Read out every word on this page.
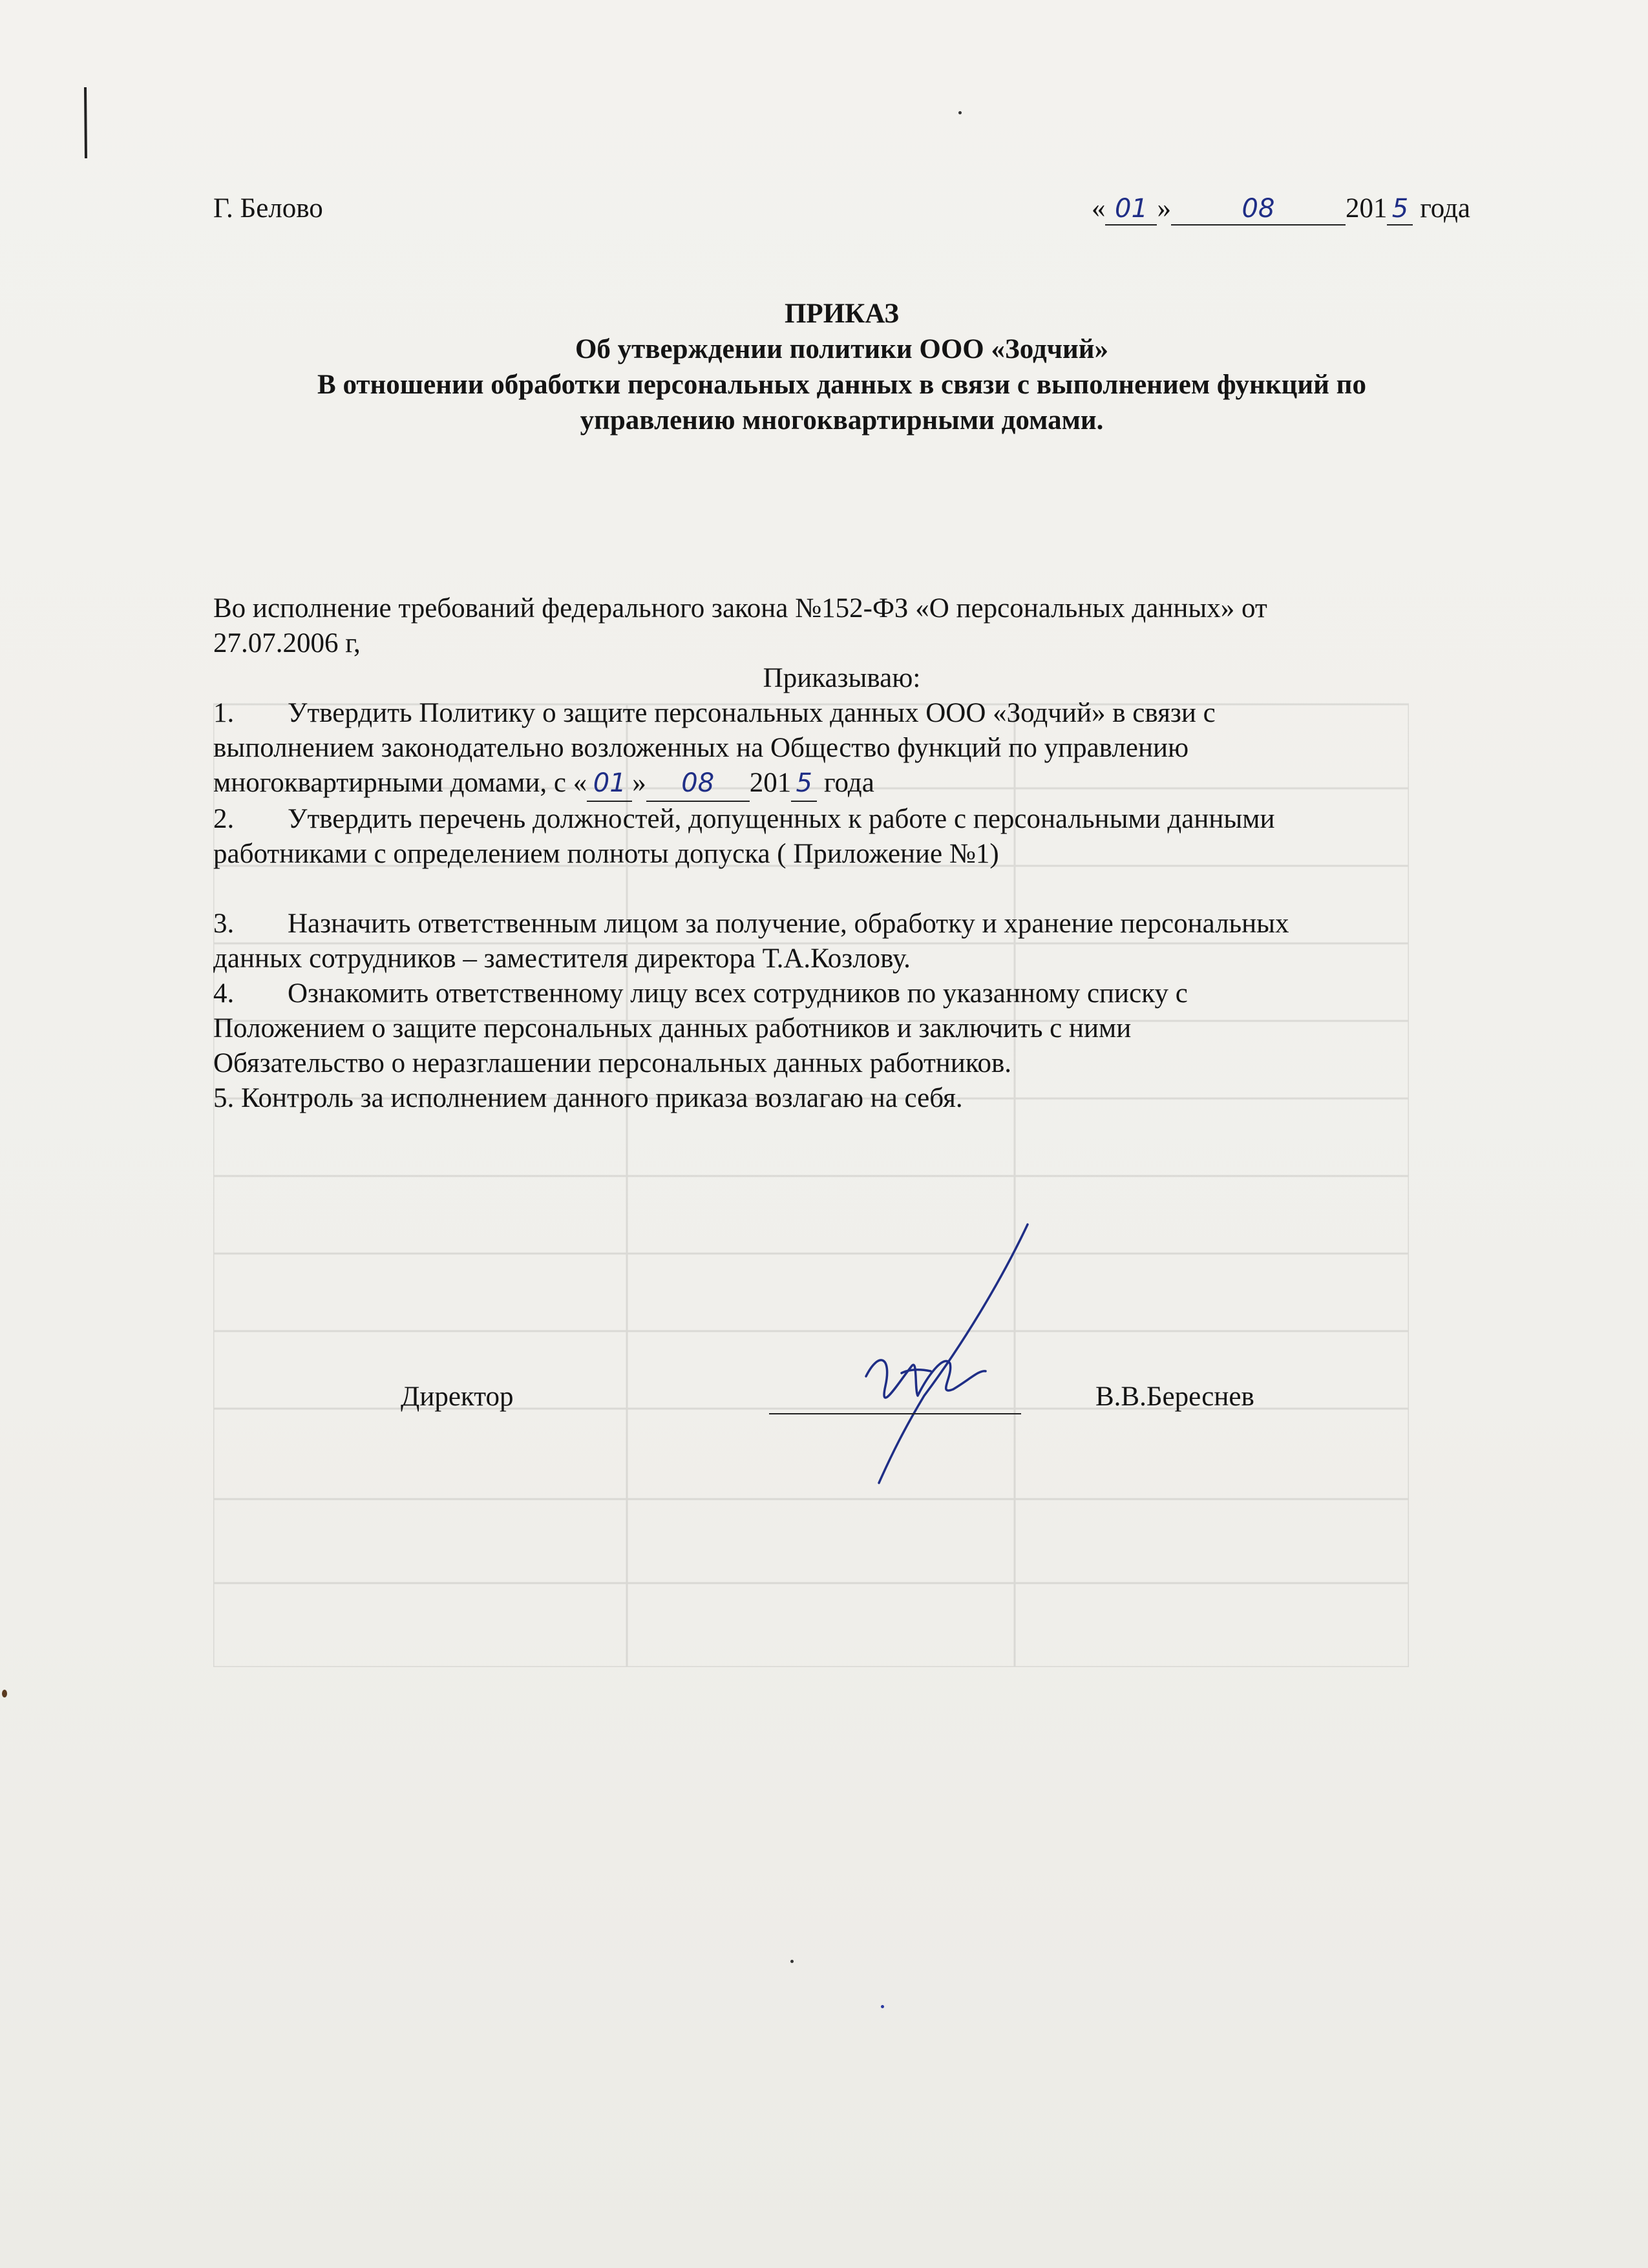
Г. Белово	« 01 »	08	201 5 года
ПРИКАЗ
Об утверждении политики ООО «Зодчий»
В отношении обработки персональных данных в связи с выполнением функций по
управлению многоквартирными домами.

Во исполнение требований федерального закона №152-ФЗ «О персональных данных» от

27.07.2006 г,

Приказываю:

1. Утвердить Политику о защите персональных данных ООО «Зодчий» в связи с

выполнением законодательно возложенных на Общество функций по управлению

многоквартирными домами, с « 01 » 08 201 5 года

2. Утвердить перечень должностей, допущенных к работе с персональными данными

работниками с определением полноты допуска ( Приложение №1)

3. Назначить ответственным лицом за получение, обработку и хранение персональных

данных сотрудников – заместителя директора Т.А.Козлову.

4. Ознакомить ответственному лицу всех сотрудников по указанному списку с

Положением о защите персональных данных работников и заключить с ними

Обязательство о неразглашении персональных данных работников.

5. Контроль за исполнением данного приказа возлагаю на себя.

Директор	В.В.Береснев
